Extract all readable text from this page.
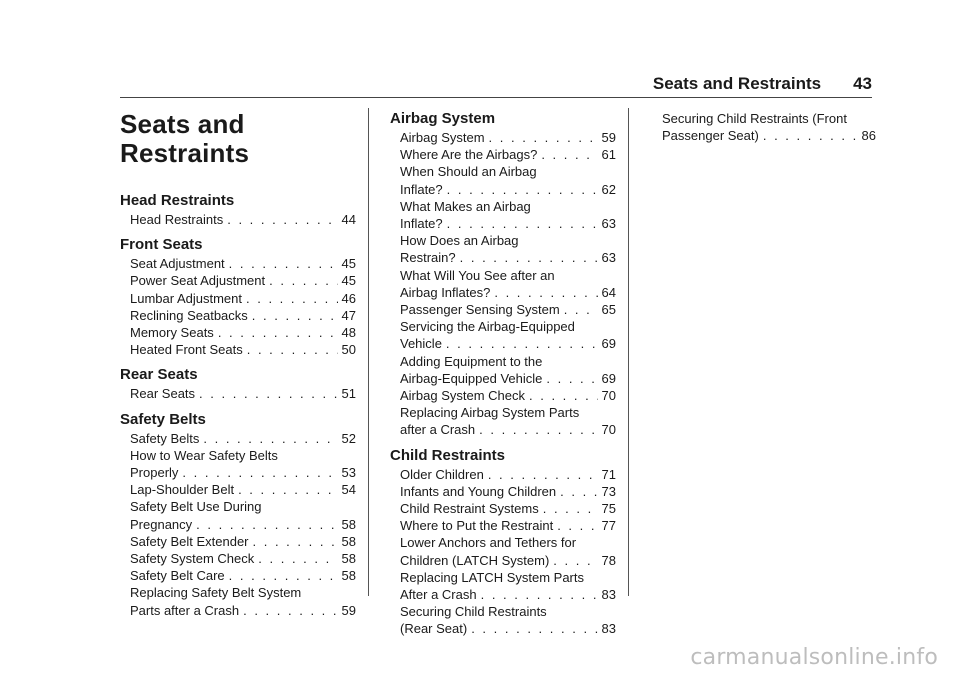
Seats and Restraints 43
Seats and
Restraints
Head Restraints
Head Restraints . . .	44
Front Seats
Seat Adjustment . . .	45
Power Seat Adjustment . . .	45
Lumbar Adjustment . . .	46
Reclining Seatbacks . . .	47
Memory Seats . . .	48
Heated Front Seats . . .	50
Rear Seats
Rear Seats . . .	51
Safety Belts
Safety Belts . . .	52
How to Wear Safety Belts
Properly . . .	53
Lap-Shoulder Belt . . .	54
Safety Belt Use During
Pregnancy . . .	58
Safety Belt Extender . . .	58
Safety System Check . . .	58
Safety Belt Care . . .	58
Replacing Safety Belt System
Parts after a Crash . . .	59
Airbag System
Airbag System . . .	59
Where Are the Airbags? . . .	61
When Should an Airbag
Inflate? . . .	62
What Makes an Airbag
Inflate? . . .	63
How Does an Airbag
Restrain? . . .	63
What Will You See after an
Airbag Inflates? . . .	64
Passenger Sensing System . . .	65
Servicing the Airbag-Equipped
Vehicle . . .	69
Adding Equipment to the
Airbag-Equipped Vehicle . . .	69
Airbag System Check . . .	70
Replacing Airbag System Parts
after a Crash . . .	70
Child Restraints
Older Children . . .	71
Infants and Young Children . . .	73
Child Restraint Systems . . .	75
Where to Put the Restraint . . .	77
Lower Anchors and Tethers for
Children (LATCH System) . . .	78
Replacing LATCH System Parts
After a Crash . . .	83
Securing Child Restraints
(Rear Seat) . . .	83
Securing Child Restraints (Front
Passenger Seat) . . .	86
carmanualsonline.info
